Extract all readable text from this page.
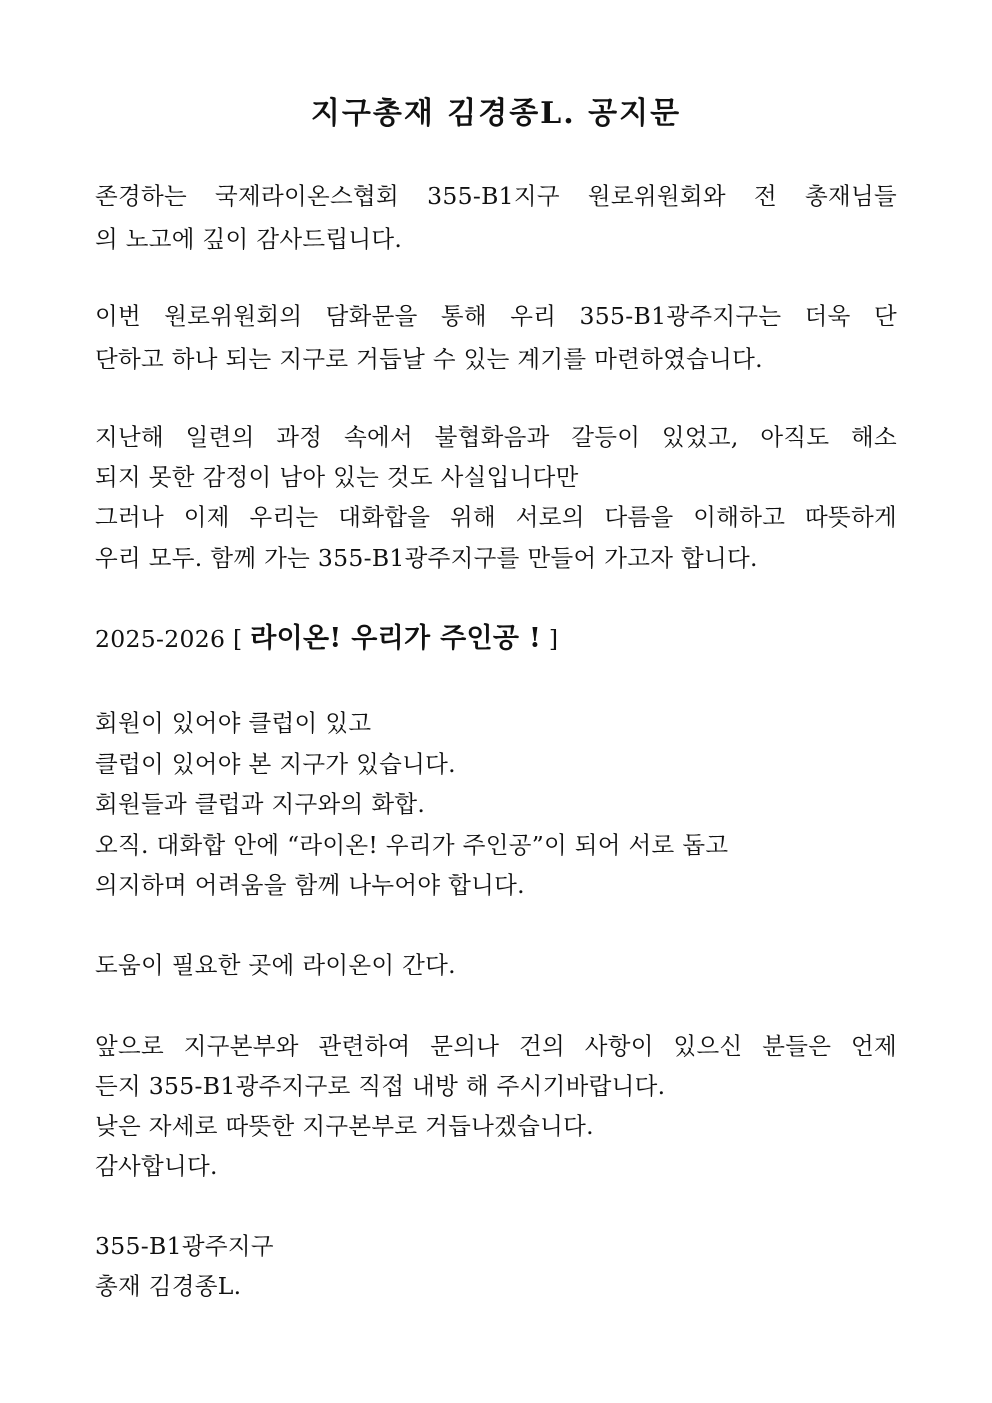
지구총재 김경종L. 공지문
존경하는 국제라이온스협회 355-B1지구 원로위원회와 전 총재님들
의 노고에 깊이 감사드립니다.
이번 원로위원회의 담화문을 통해 우리 355-B1광주지구는 더욱 단
단하고 하나 되는 지구로 거듭날 수 있는 계기를 마련하였습니다.
지난해 일련의 과정 속에서 불협화음과 갈등이 있었고, 아직도 해소
되지 못한 감정이 남아 있는 것도 사실입니다만
그러나 이제 우리는 대화합을 위해 서로의 다름을 이해하고 따뜻하게
우리 모두. 함께 가는 355-B1광주지구를 만들어 가고자 합니다.
2025-2026 [ 라이온! 우리가 주인공 ! ]
회원이 있어야 클럽이 있고
클럽이 있어야 본 지구가 있습니다.
회원들과 클럽과 지구와의 화합.
오직. 대화합 안에 “라이온! 우리가 주인공”이 되어 서로 돕고
의지하며 어려움을 함께 나누어야 합니다.
도움이 필요한 곳에 라이온이 간다.
앞으로 지구본부와 관련하여 문의나 건의 사항이 있으신 분들은 언제
든지 355-B1광주지구로 직접 내방 해 주시기바랍니다.
낮은 자세로 따뜻한 지구본부로 거듭나겠습니다.
감사합니다.
355-B1광주지구
총재 김경종L.
